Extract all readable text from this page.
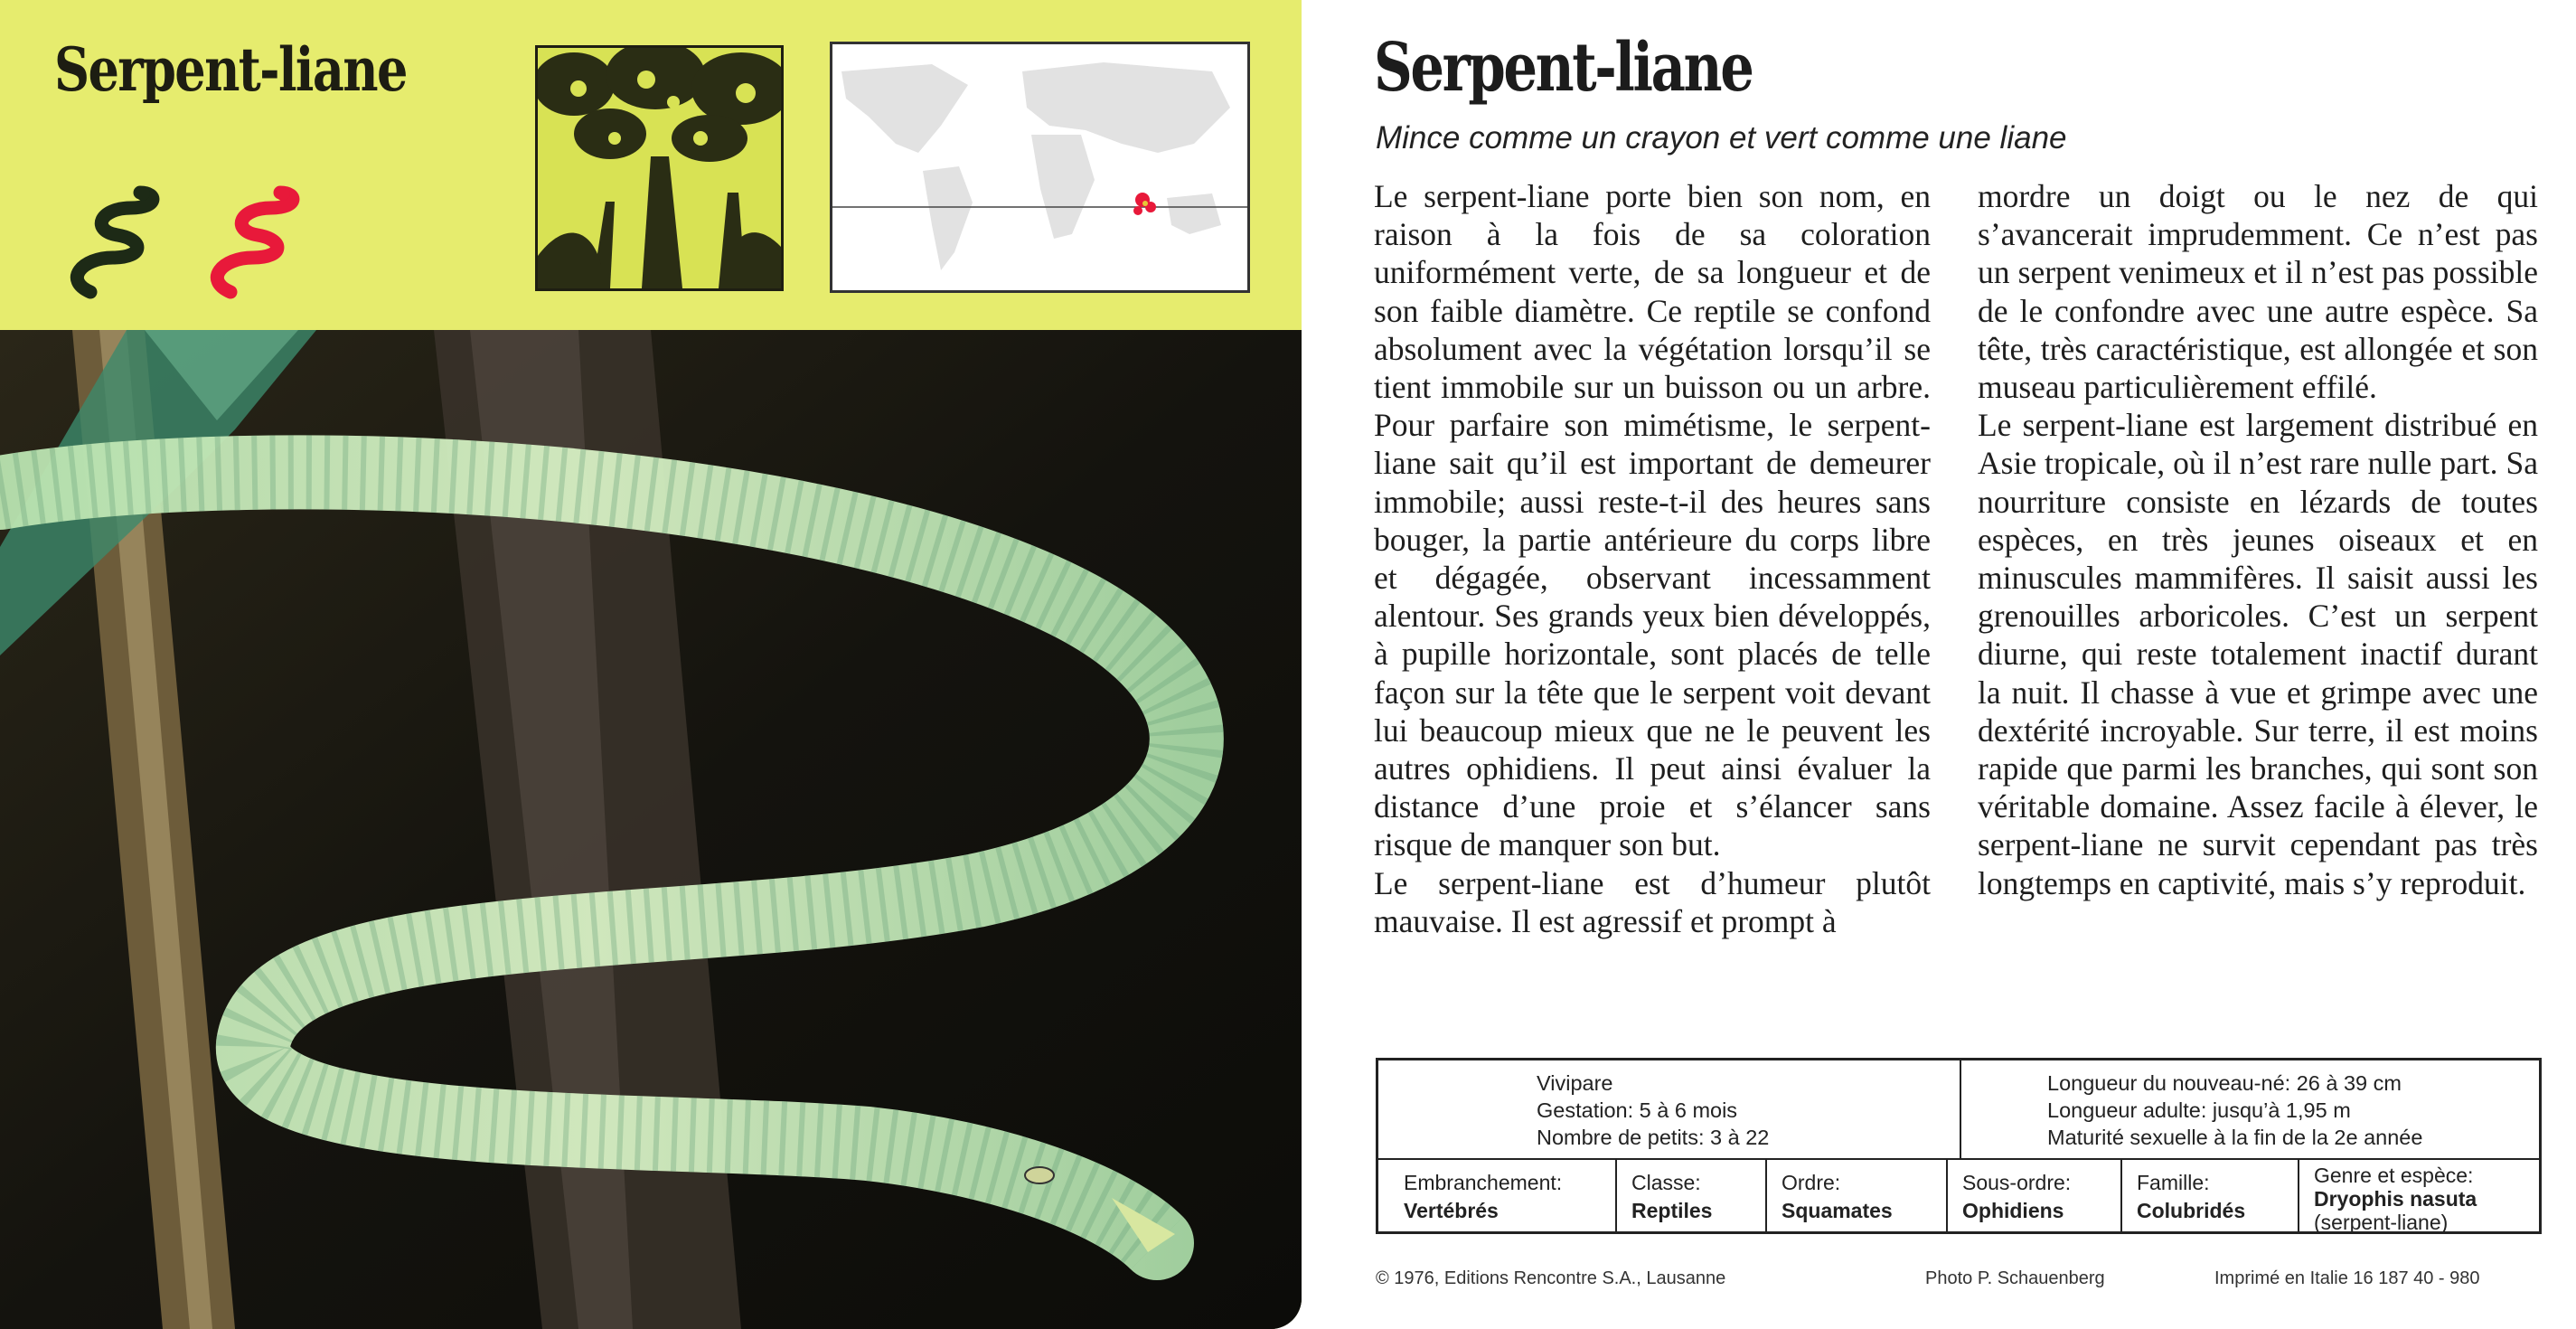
Serpent-liane	Serpent-liane
Mince comme un crayon et vert comme une liane

Le serpent-liane porte bien son nom, en raison à la fois de sa coloration uniformément verte, de sa longueur et de son faible diamètre. Ce reptile se confond absolument avec la végétation lorsqu’il se tient immobile sur un buisson ou un arbre. Pour parfaire son mimétisme, le serpent-liane sait qu’il est important de demeurer immobile; aussi reste-t-il des heures sans bouger, la partie antérieure du corps libre et dégagée, observant incessamment alentour. Ses grands yeux bien développés, à pupille horizontale, sont placés de telle façon sur la tête que le serpent voit devant lui beaucoup mieux que ne le peuvent les autres ophidiens. Il peut ainsi évaluer la distance d’une proie et s’élancer sans risque de manquer son but.

Le serpent-liane est d’humeur plutôt mauvaise. Il est agressif et prompt à

mordre un doigt ou le nez de qui s’avancerait imprudemment. Ce n’est pas un serpent venimeux et il n’est pas possible de le confondre avec une autre espèce. Sa tête, très caractéristique, est allongée et son museau particulièrement effilé.

Le serpent-liane est largement distribué en Asie tropicale, où il n’est rare nulle part. Sa nourriture consiste en lézards de toutes espèces, en très jeunes oiseaux et en minuscules mammifères. Il saisit aussi les grenouilles arboricoles. C’est un serpent diurne, qui reste totalement inactif durant la nuit. Il chasse à vue et grimpe avec une dextérité incroyable. Sur terre, il est moins rapide que parmi les branches, qui sont son véritable domaine. Assez facile à élever, le serpent-liane ne survit cependant pas très longtemps en captivité, mais s’y reproduit.

Vivipare
Gestation: 5 à 6 mois
Nombre de petits: 3 à 22
Longueur du nouveau-né: 26 à 39 cm
Longueur adulte: jusqu’à 1,95 m
Maturité sexuelle à la fin de la 2e année
Embranchement:
Vertébrés
Classe:
Reptiles
Ordre:
Squamates
Sous-ordre:
Ophidiens
Famille:
Colubridés
Genre et espèce:
Dryophis nasuta
(serpent-liane)
© 1976, Editions Rencontre S.A., Lausanne	Photo P. Schauenberg	Imprimé en Italie 16 187 40 - 980
